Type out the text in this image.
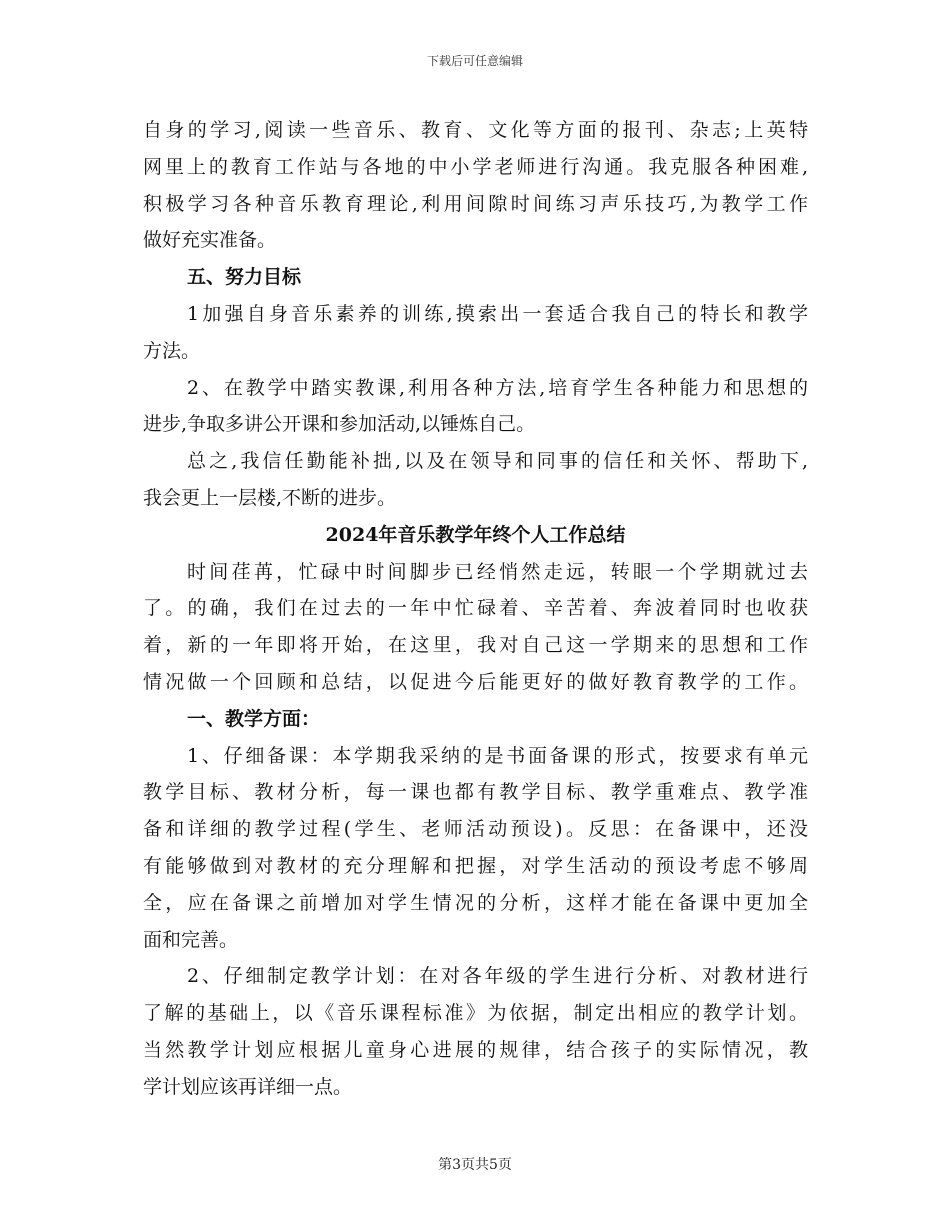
下载后可任意编辑
自身的学习,阅读一些音乐、教育、文化等方面的报刊、杂志;上英特
网里上的教育工作站与各地的中小学老师进行沟通。我克服各种困难,
积极学习各种音乐教育理论,利用间隙时间练习声乐技巧,为教学工作
做好充实准备。
五、努力目标
1加强自身音乐素养的训练,摸索出一套适合我自己的特长和教学
方法。
2、在教学中踏实教课,利用各种方法,培育学生各种能力和思想的
进步,争取多讲公开课和参加活动,以锤炼自己。
总之,我信任勤能补拙,以及在领导和同事的信任和关怀、帮助下,
我会更上一层楼,不断的进步。
2024年音乐教学年终个人工作总结
时间荏苒，忙碌中时间脚步已经悄然走远，转眼一个学期就过去
了。的确，我们在过去的一年中忙碌着、辛苦着、奔波着同时也收获
着，新的一年即将开始，在这里，我对自己这一学期来的思想和工作
情况做一个回顾和总结，以促进今后能更好的做好教育教学的工作。
一、教学方面：
1、仔细备课：本学期我采纳的是书面备课的形式，按要求有单元
教学目标、教材分析，每一课也都有教学目标、教学重难点、教学准
备和详细的教学过程(学生、老师活动预设)。反思：在备课中，还没
有能够做到对教材的充分理解和把握，对学生活动的预设考虑不够周
全，应在备课之前增加对学生情况的分析，这样才能在备课中更加全
面和完善。
2、仔细制定教学计划：在对各年级的学生进行分析、对教材进行
了解的基础上，以《音乐课程标准》为依据，制定出相应的教学计划。
当然教学计划应根据儿童身心进展的规律，结合孩子的实际情况，教
学计划应该再详细一点。
第3页共5页
